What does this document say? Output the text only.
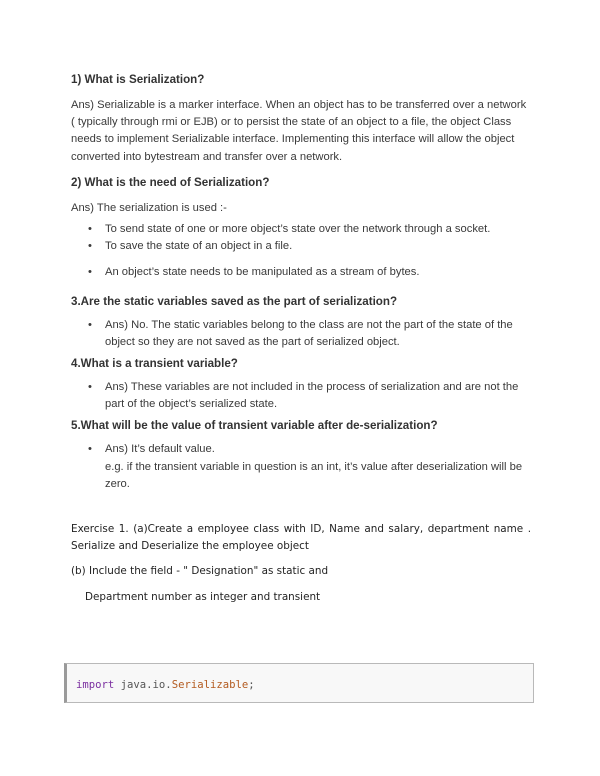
1) What is Serialization?

Ans) Serializable is a marker interface. When an object has to be transferred over a network ( typically through rmi or EJB) or to persist the state of an object to a file, the object Class needs to implement Serializable interface. Implementing this interface will allow the object converted into bytestream and transfer over a network.

2) What is the need of Serialization?

Ans) The serialization is used :-

• To send state of one or more object’s state over the network through a socket.
• To save the state of an object in a file.
• An object’s state needs to be manipulated as a stream of bytes.

3.Are the static variables saved as the part of serialization?

• Ans) No. The static variables belong to the class are not the part of the state of the object so they are not saved as the part of serialized object.

4.What is a transient variable?

• Ans) These variables are not included in the process of serialization and are not the part of the object’s serialized state.

5.What will be the value of transient variable after de-serialization?

• Ans) It’s default value.
e.g. if the transient variable in question is an int, it’s value after deserialization will be zero.

Exercise 1. (a)Create a employee class with ID, Name and salary, department name . Serialize and Deserialize the employee object

(b) Include the field - " Designation" as static and

Department number as integer and transient

import java.io.Serializable;
